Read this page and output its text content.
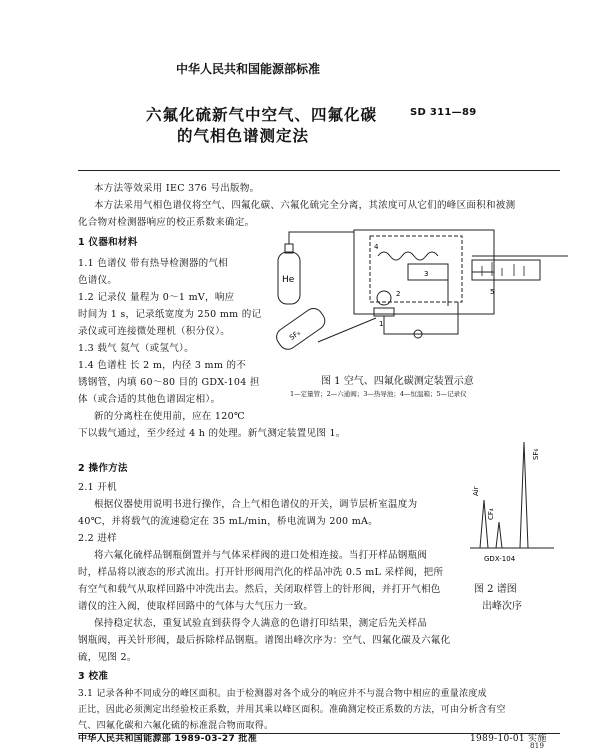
中华人民共和国能源部标准
六氟化硫新气中空气、四氟化碳
的气相色谱测定法
SD 311—89
本方法等效采用 IEC 376 号出版物。
本方法采用气相色谱仪将空气、四氟化碳、六氟化硫完全分离，其浓度可从它们的峰区面积和被测
化合物对检测器响应的校正系数来确定。
1 仪器和材料
1.1 色谱仪 带有热导检测器的气相
色谱仪。
1.2 记录仪 量程为 0～1 mV，响应
时间为 1 s，记录纸宽度为 250 mm 的记
录仪或可连接微处理机（积分仪）。
1.3 载气 氦气（或氢气）。
1.4 色谱柱 长 2 m，内径 3 mm 的不
锈钢管，内填 60～80 目的 GDX-104 担
体（或合适的其他色谱固定相）。
新的分离柱在使用前，应在 120℃
下以载气通过，至少经过 4 h 的处理。新气测定装置见图 1。
He
SF₆
4
3
2
1
5
图 1 空气、四氟化碳测定装置示意
1—定量管；2—六通阀；3—热导池；4—恒温箱；5—记录仪
Air
CF₄
SF₆
GDX-104
图 2 谱图
出峰次序
2 操作方法
2.1 开机
根据仪器使用说明书进行操作，合上气相色谱仪的开关，调节层析室温度为
40℃，并将载气的流速稳定在 35 mL/min，桥电流调为 200 mA。
2.2 进样
将六氟化硫样品钢瓶倒置并与气体采样阀的进口处相连接。当打开样品钢瓶阀
时，样品将以液态的形式流出。打开针形阀用汽化的样品冲洗 0.5 mL 采样阀，把所
有空气和载气从取样回路中冲洗出去。然后，关闭取样管上的针形阀，并打开气相色
谱仪的注入阀，使取样回路中的气体与大气压力一致。
保持稳定状态，重复试验直到获得令人满意的色谱打印结果，测定后先关样品
钢瓶阀，再关针形阀，最后拆除样品钢瓶。谱图出峰次序为：空气、四氟化碳及六氟化
硫，见图 2。
3 校准
3.1 记录各种不同成分的峰区面积。由于检测器对各个成分的响应并不与混合物中相应的重量浓度成
正比，因此必须测定出经验校正系数，并用其乘以峰区面积。准确测定校正系数的方法，可由分析含有空
气、四氟化碳和六氟化硫的标准混合物而取得。
中华人民共和国能源部 1989-03-27 批准	1989-10-01 实施
819
